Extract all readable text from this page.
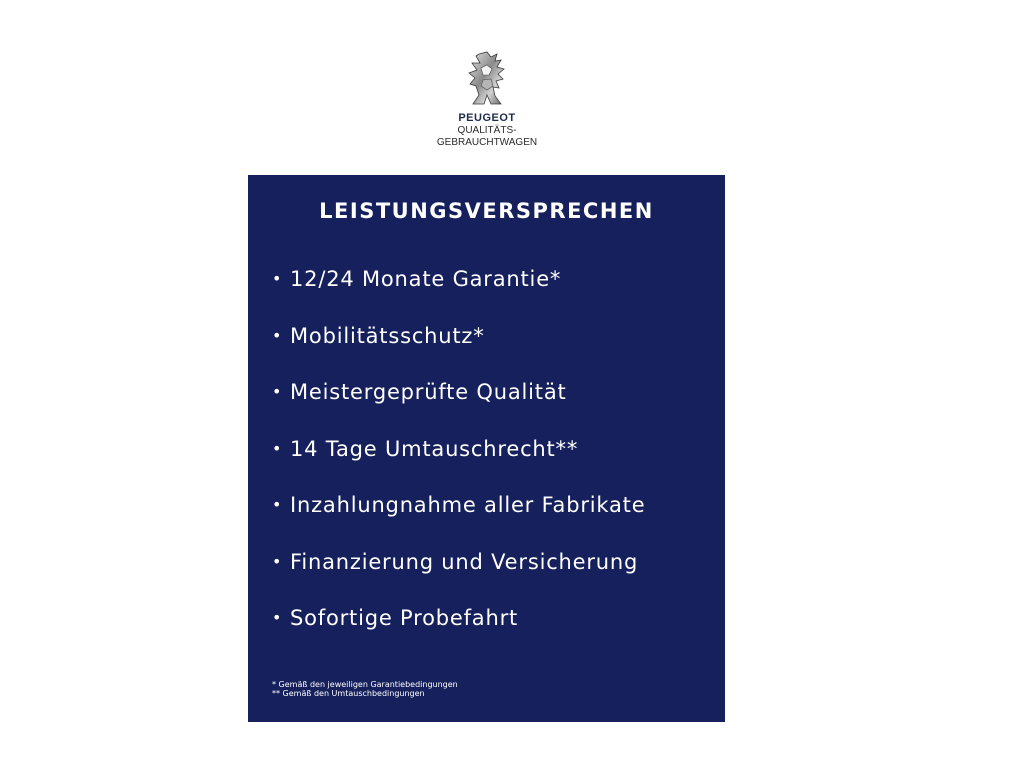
PEUGEOT
QUALITÄTS-
GEBRAUCHTWAGEN
LEISTUNGSVERSPRECHEN
• 12/24 Monate Garantie*
• Mobilitätsschutz*
• Meistergeprüfte Qualität
• 14 Tage Umtauschrecht**
• Inzahlungnahme aller Fabrikate
• Finanzierung und Versicherung
• Sofortige Probefahrt
* Gemäß den jeweiligen Garantiebedingungen
** Gemäß den Umtauschbedingungen
